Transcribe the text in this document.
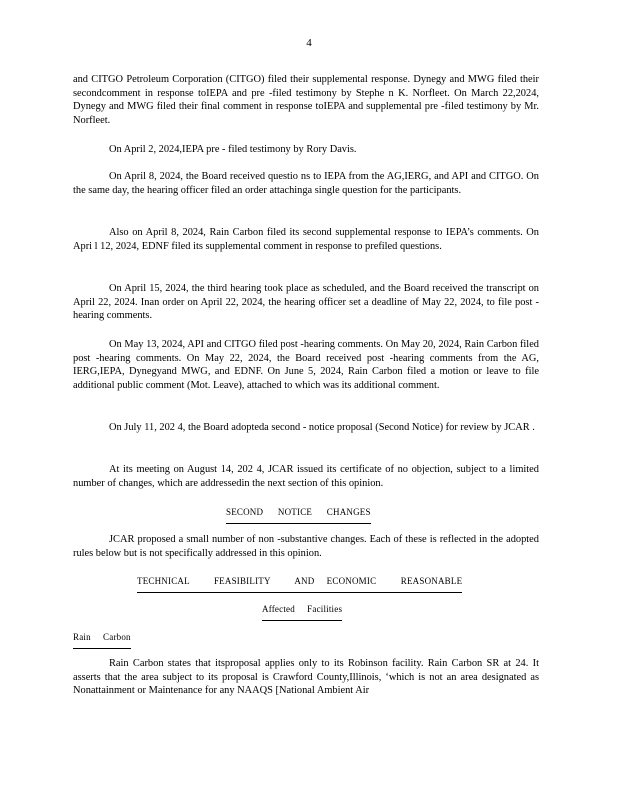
4
and CITGO Petroleum Corporation (CITGO) filed their supplemental response. Dynegy and MWG filed their secondcomment in response toIEPA and pre -filed testimony by Stephe n K. Norfleet. On March 22,2024, Dynegy and MWG filed their final comment in response toIEPA and supplemental pre -filed testimony by Mr. Norfleet.
On April 2, 2024,IEPA pre - filed testimony by Rory Davis.
On April 8, 2024, the Board received questio ns to IEPA from the AG,IERG, and API and CITGO. On the same day, the hearing officer filed an order attachinga single question for the participants.
Also on April 8, 2024, Rain Carbon filed its second supplemental response to IEPA’s comments. On Apri l 12, 2024, EDNF filed its supplemental comment in response to prefiled questions.
On April 15, 2024, the third hearing took place as scheduled, and the Board received the transcript on April 22, 2024. Inan order on April 22, 2024, the hearing officer set a deadline of May 22, 2024, to file post -hearing comments.
On May 13, 2024, API and CITGO filed post -hearing comments. On May 20, 2024, Rain Carbon filed post -hearing comments. On May 22, 2024, the Board received post -hearing comments from the AG, IERG,IEPA, Dynegyand MWG, and EDNF. On June 5, 2024, Rain Carbon filed a motion or leave to file additional public comment (Mot. Leave), attached to which was its additional comment.
On July 11, 202 4, the Board adopteda second - notice proposal (Second Notice) for review by JCAR .
At its meeting on August 14, 202 4, JCAR issued its certificate of no objection, subject to a limited number of changes, which are addressedin the next section of this opinion.
SECOND      NOTICE      CHANGES
JCAR proposed a small number of non -substantive changes. Each of these is reflected in the adopted rules below but is not specifically addressed in this opinion.
TECHNICAL          FEASIBILITY          AND     ECONOMIC          REASONABLE
Affected     Facilities
Rain     Carbon
Rain Carbon states that itsproposal applies only to its Robinson facility. Rain Carbon SR at 24. It asserts that the area subject to its proposal is Crawford County,Illinois, ‘which is not an area designated as Nonattainment or Maintenance for any NAAQS [National Ambient Air
